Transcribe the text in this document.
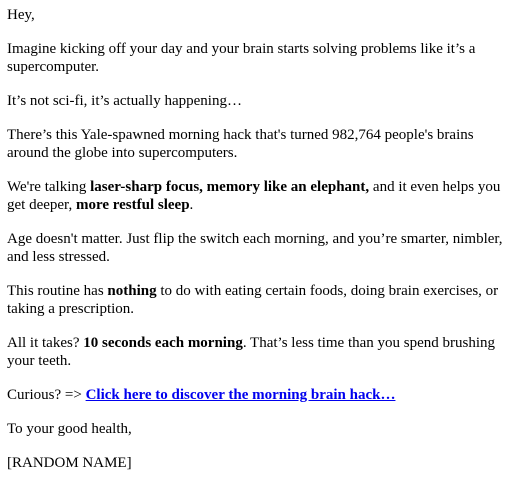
Hey,

Imagine kicking off your day and your brain starts solving problems like it’s a supercomputer.

It’s not sci-fi, it’s actually happening…

There’s this Yale-spawned morning hack that's turned 982,764 people's brains around the globe into supercomputers.

We're talking laser-sharp focus, memory like an elephant, and it even helps you get deeper, more restful sleep.

Age doesn't matter. Just flip the switch each morning, and you’re smarter, nimbler, and less stressed.

This routine has nothing to do with eating certain foods, doing brain exercises, or taking a prescription.

All it takes? 10 seconds each morning. That’s less time than you spend brushing your teeth.

Curious? => Click here to discover the morning brain hack…

To your good health,

[RANDOM NAME]
